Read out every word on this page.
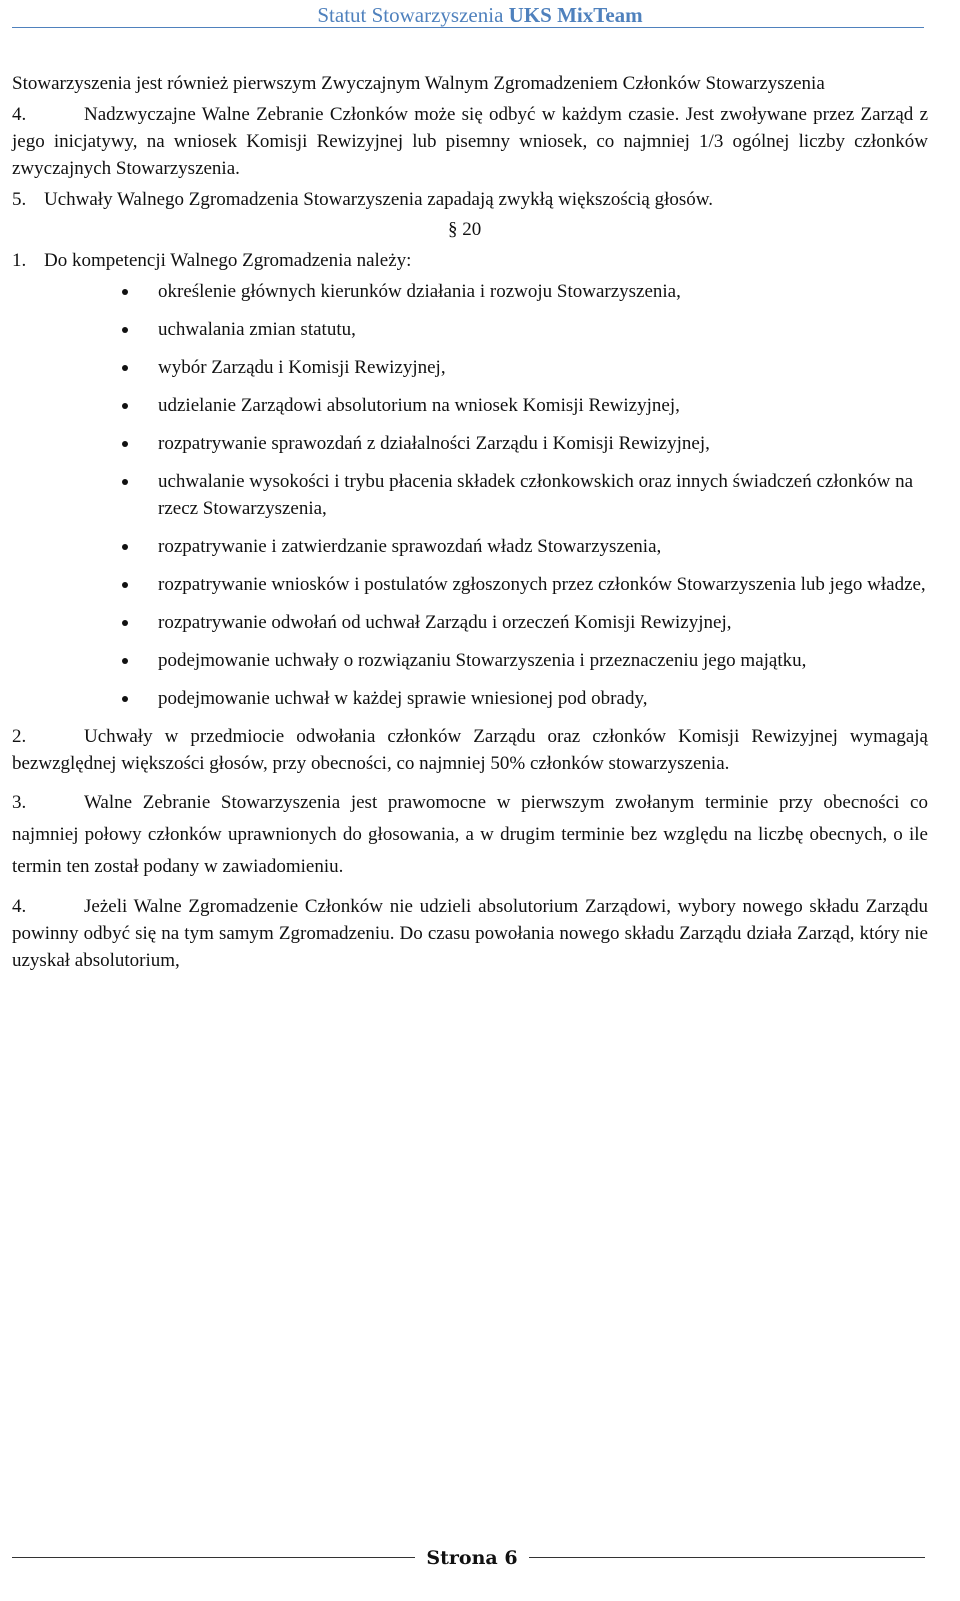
Statut Stowarzyszenia UKS MixTeam

Stowarzyszenia jest również pierwszym Zwyczajnym Walnym Zgromadzeniem Członków Stowarzyszenia

4.	Nadzwyczajne Walne Zebranie Członków może się odbyć w każdym czasie. Jest zwoływane przez Zarząd z jego inicjatywy, na wniosek Komisji Rewizyjnej lub pisemny wniosek, co najmniej 1/3 ogólnej liczby członków zwyczajnych Stowarzyszenia.

5. Uchwały Walnego Zgromadzenia Stowarzyszenia zapadają zwykłą większością głosów.

§ 20

1. Do kompetencji Walnego Zgromadzenia należy:

określenie głównych kierunków działania i rozwoju Stowarzyszenia,
uchwalania zmian statutu,
wybór Zarządu i Komisji Rewizyjnej,
udzielanie Zarządowi absolutorium na wniosek Komisji Rewizyjnej,
rozpatrywanie sprawozdań z działalności Zarządu i Komisji Rewizyjnej,
uchwalanie wysokości i trybu płacenia składek członkowskich oraz innych świadczeń członków na rzecz Stowarzyszenia,
rozpatrywanie i zatwierdzanie sprawozdań władz Stowarzyszenia,
rozpatrywanie wniosków i postulatów zgłoszonych przez członków Stowarzyszenia lub jego władze,
rozpatrywanie odwołań od uchwał Zarządu i orzeczeń Komisji Rewizyjnej,
podejmowanie uchwały o rozwiązaniu Stowarzyszenia i przeznaczeniu jego majątku,
podejmowanie uchwał w każdej sprawie wniesionej pod obrady,

2.	Uchwały w przedmiocie odwołania członków Zarządu oraz członków Komisji Rewizyjnej wymagają bezwzględnej większości głosów, przy obecności, co najmniej 50% członków stowarzyszenia.

3.	Walne Zebranie Stowarzyszenia jest prawomocne w pierwszym zwołanym terminie przy obecności co najmniej połowy członków uprawnionych do głosowania, a w drugim terminie bez względu na liczbę obecnych, o ile termin ten został podany w zawiadomieniu.

4.	Jeżeli Walne Zgromadzenie Członków nie udzieli absolutorium Zarządowi, wybory nowego składu Zarządu powinny odbyć się na tym samym Zgromadzeniu. Do czasu powołania nowego składu Zarządu działa Zarząd, który nie uzyskał absolutorium,

Strona 6
